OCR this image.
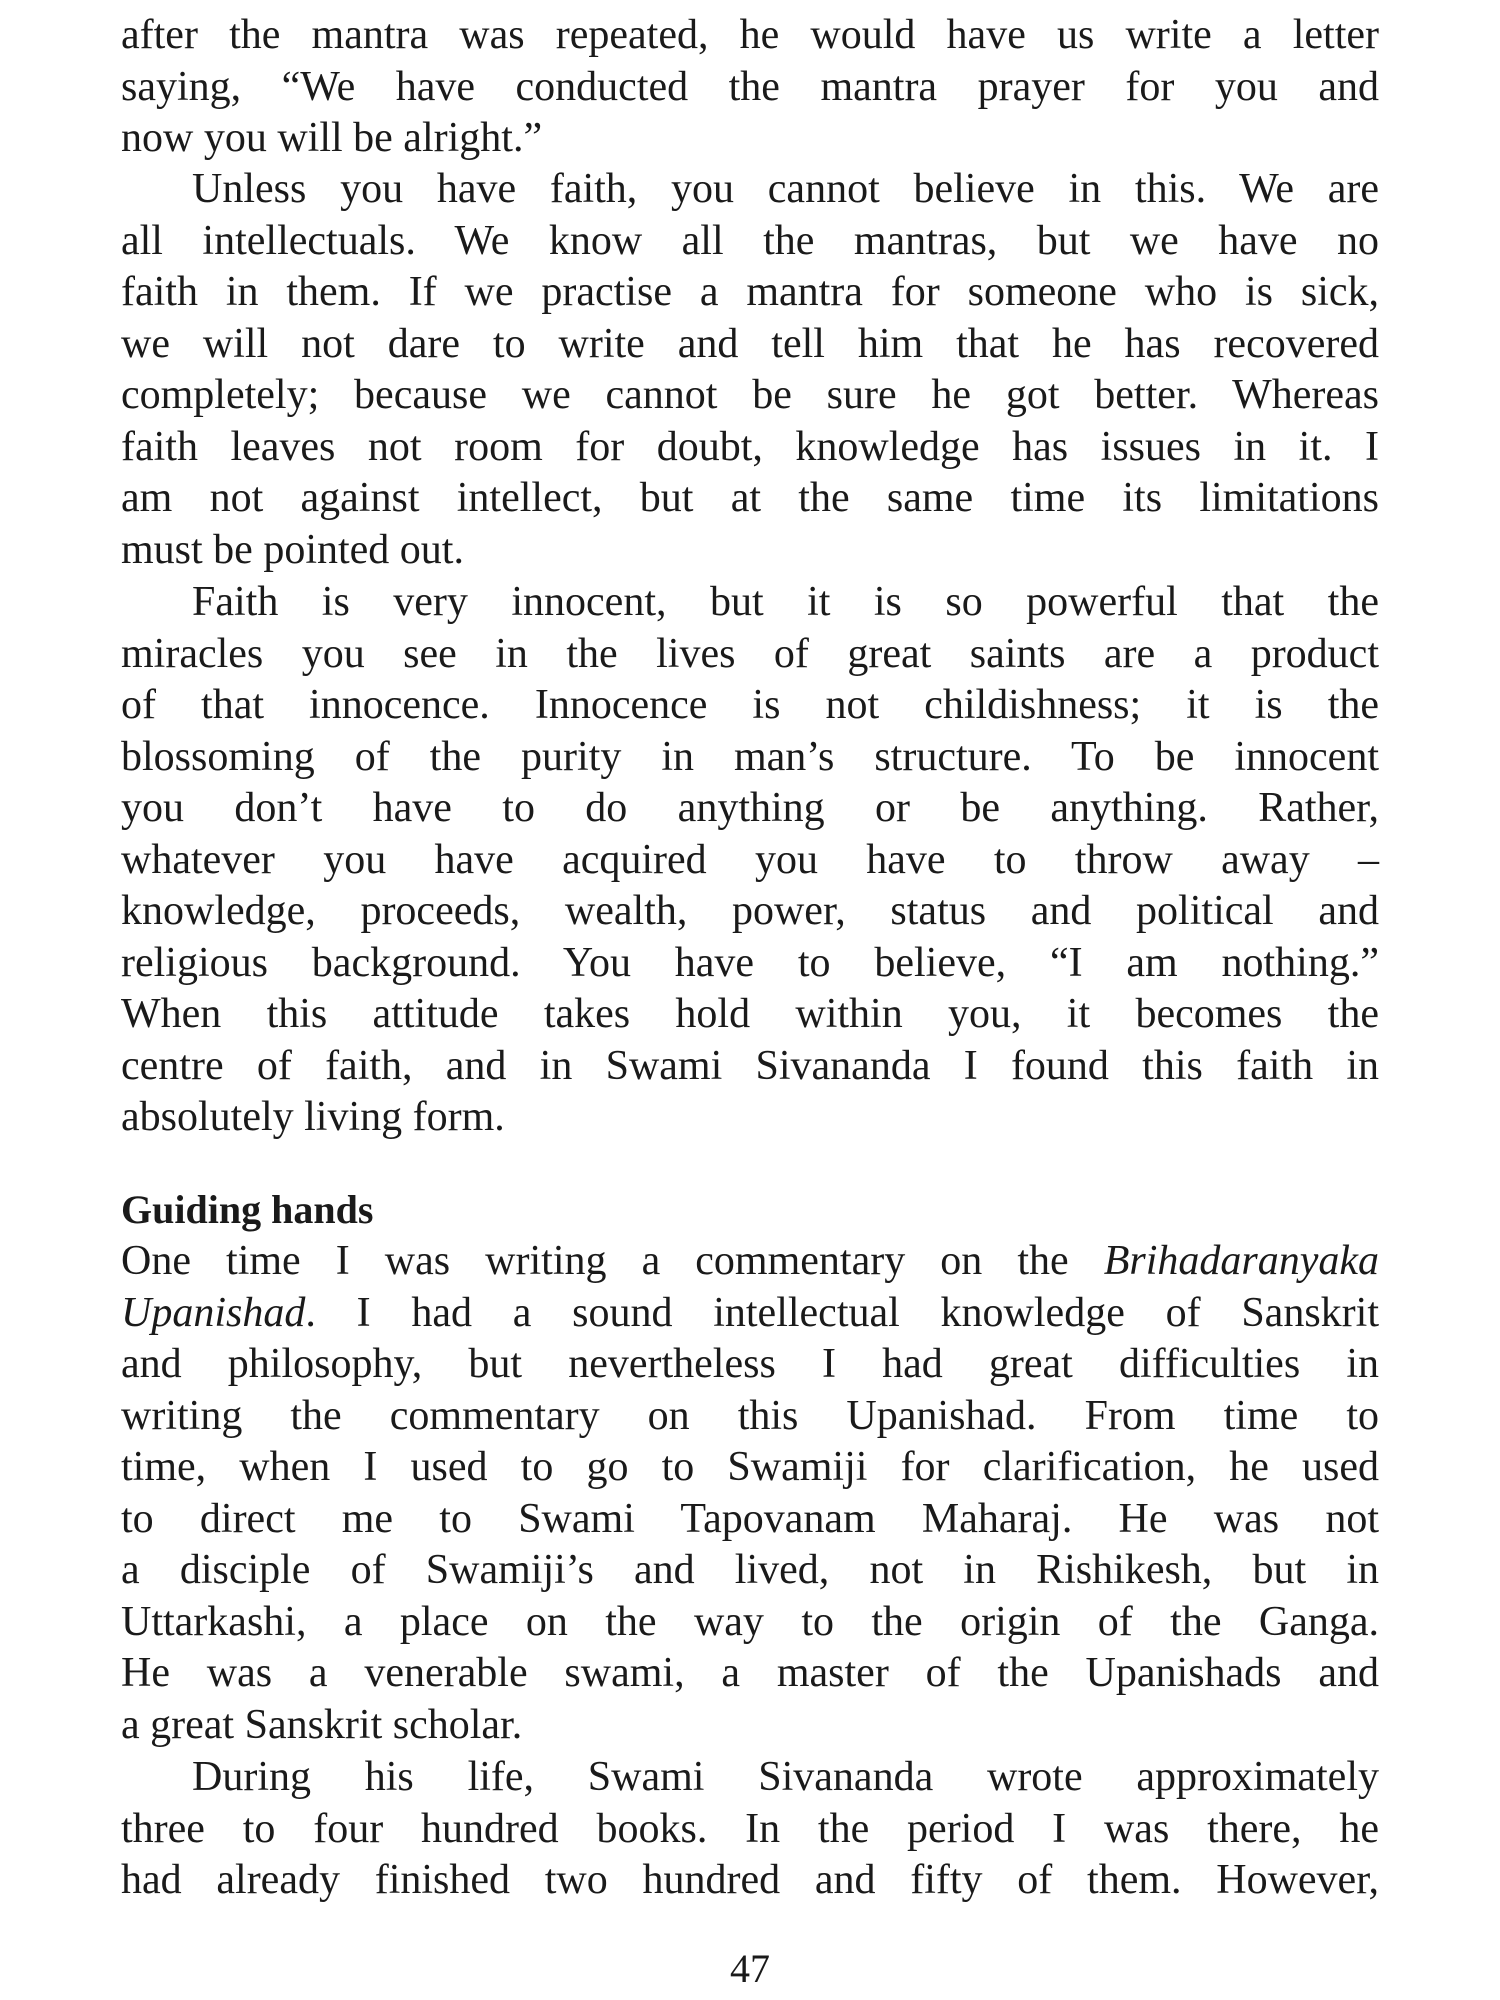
after the mantra was repeated, he would have us write a letter
saying, “We have conducted the mantra prayer for you and
now you will be alright.”
Unless you have faith, you cannot believe in this. We are
all intellectuals. We know all the mantras, but we have no
faith in them. If we practise a mantra for someone who is sick,
we will not dare to write and tell him that he has recovered
completely; because we cannot be sure he got better. Whereas
faith leaves not room for doubt, knowledge has issues in it. I
am not against intellect, but at the same time its limitations
must be pointed out.
Faith is very innocent, but it is so powerful that the
miracles you see in the lives of great saints are a product
of that innocence. Innocence is not childishness; it is the
blossoming of the purity in man’s structure. To be innocent
you don’t have to do anything or be anything. Rather,
whatever you have acquired you have to throw away –
knowledge, proceeds, wealth, power, status and political and
religious background. You have to believe, “I am nothing.”
When this attitude takes hold within you, it becomes the
centre of faith, and in Swami Sivananda I found this faith in
absolutely living form.
Guiding hands
One time I was writing a commentary on the Brihadaranyaka
Upanishad. I had a sound intellectual knowledge of Sanskrit
and philosophy, but nevertheless I had great difficulties in
writing the commentary on this Upanishad. From time to
time, when I used to go to Swamiji for clarification, he used
to direct me to Swami Tapovanam Maharaj. He was not
a disciple of Swamiji’s and lived, not in Rishikesh, but in
Uttarkashi, a place on the way to the origin of the Ganga.
He was a venerable swami, a master of the Upanishads and
a great Sanskrit scholar.
During his life, Swami Sivananda wrote approximately
three to four hundred books. In the period I was there, he
had already finished two hundred and fifty of them. However,
47
